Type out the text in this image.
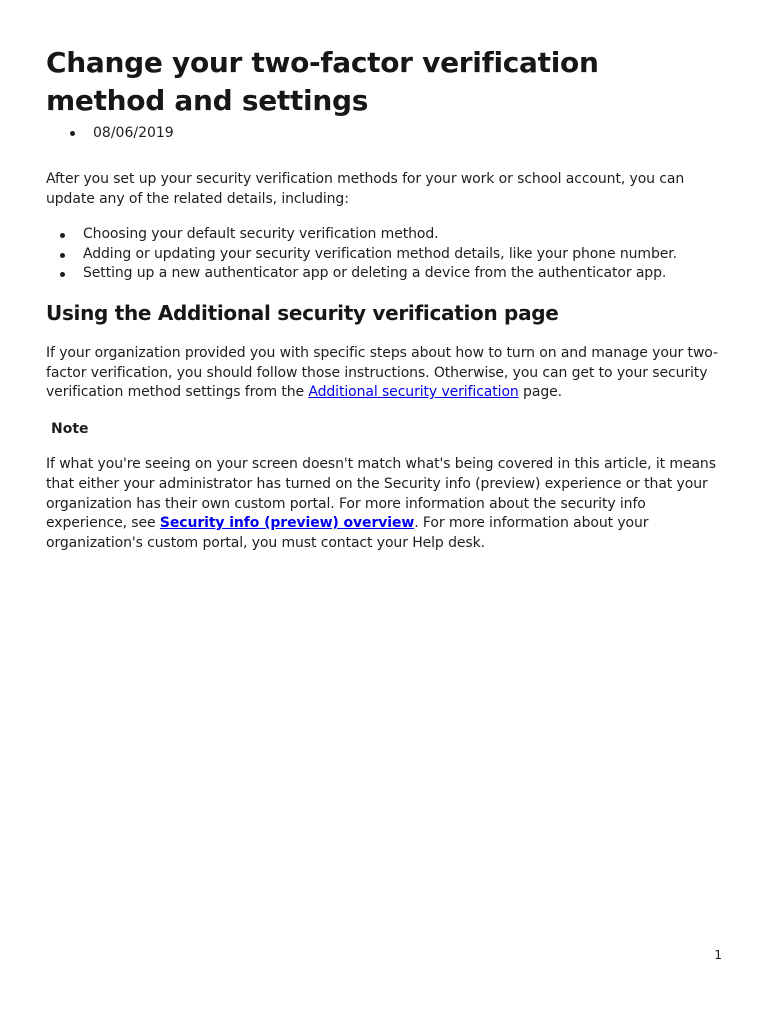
Change your two-factor verification method and settings
08/06/2019

After you set up your security verification methods for your work or school account, you can update any of the related details, including:

Choosing your default security verification method.
Adding or updating your security verification method details, like your phone number.
Setting up a new authenticator app or deleting a device from the authenticator app.
Using the Additional security verification page

If your organization provided you with specific steps about how to turn on and manage your two-factor verification, you should follow those instructions. Otherwise, you can get to your security verification method settings from the Additional security verification page.

Note

If what you're seeing on your screen doesn't match what's being covered in this article, it means that either your administrator has turned on the Security info (preview) experience or that your organization has their own custom portal. For more information about the security info experience, see Security info (preview) overview. For more information about your organization's custom portal, you must contact your Help desk.

1
